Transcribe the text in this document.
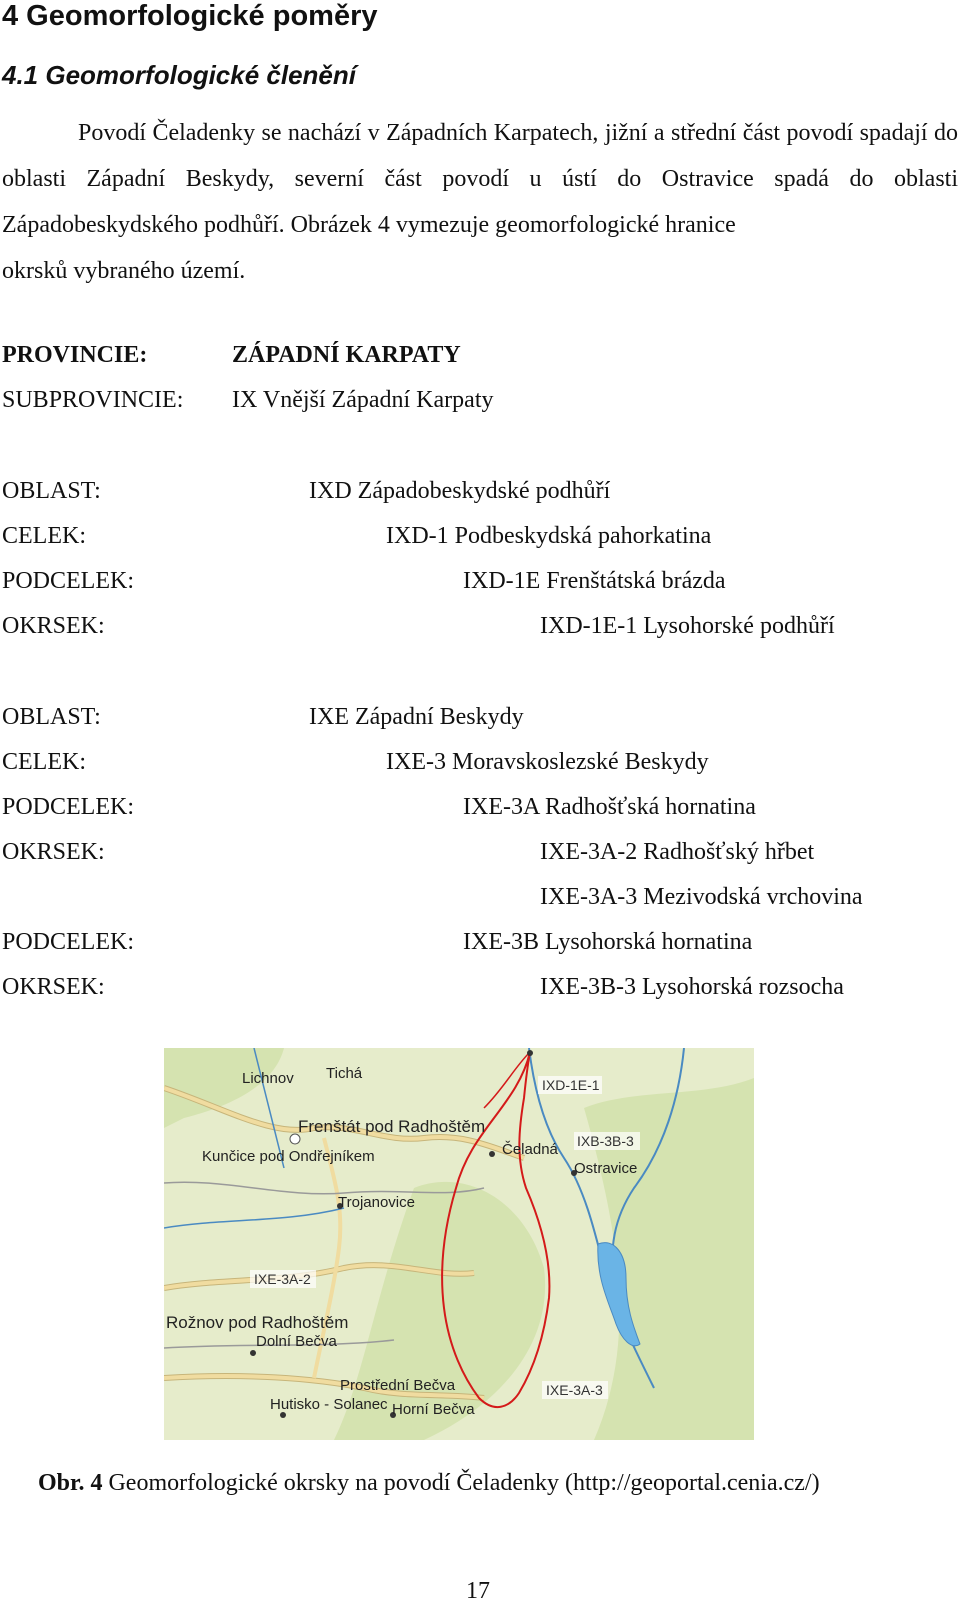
4 Geomorfologické poměry
4.1 Geomorfologické členění
Povodí Čeladenky se nachází v Západních Karpatech, jižní a střední část povodí spadají do oblasti Západní Beskydy, severní část povodí u ústí do Ostravice spadá do oblasti Západobeskydského podhůří. Obrázek 4 vymezuje geomorfologické hranice
okrsků vybraného území.
PROVINCIE:	ZÁPADNÍ KARPATY
SUBPROVINCIE: IX Vnější Západní Karpaty
OBLAST:	IXD Západobeskydské podhůří
CELEK:	IXD-1 Podbeskydská pahorkatina
PODCELEK:	IXD-1E Frenštátská brázda
OKRSEK:	IXD-1E-1 Lysohorské podhůří
OBLAST:	IXE Západní Beskydy
CELEK:	IXE-3 Moravskoslezské Beskydy
PODCELEK:	IXE-3A Radhošťská hornatina
OKRSEK:	IXE-3A-2 Radhošťský hřbet
IXE-3A-3 Mezivodská vrchovina
PODCELEK:	IXE-3B Lysohorská hornatina
OKRSEK:	IXE-3B-3 Lysohorská rozsocha
Lichnov Tichá
IXD-1E-1
Frenštát pod Radhoštěm
Čeladná IXB-3B-3
Kunčice pod Ondřejníkem
Ostravice
Trojanovice
IXE-3A-2
Rožnov pod Radhoštěm
Dolní Bečva
Prostřední Bečva	IXE-3A-3
Hutisko - Solanec Horní Bečva
Obr. 4 Geomorfologické okrsky na povodí Čeladenky (http://geoportal.cenia.cz/)
17
